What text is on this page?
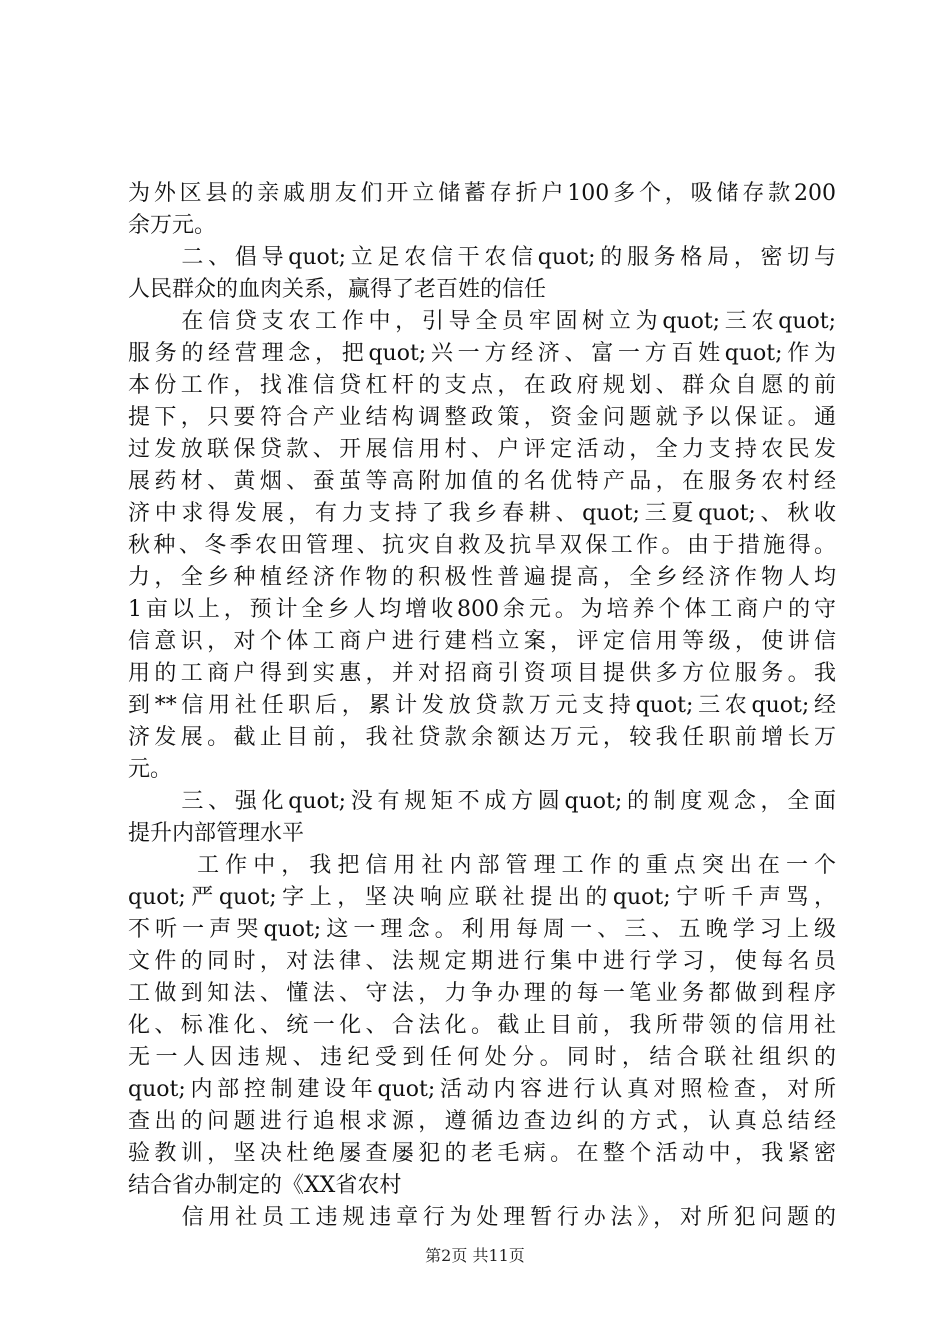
为外区县的亲戚朋友们开立储蓄存折户100多个，吸储存款200
余万元。
　　二、倡导quot;立足农信干农信quot;的服务格局，密切与
人民群众的血肉关系，赢得了老百姓的信任
　　在信贷支农工作中，引导全员牢固树立为quot;三农quot;
服务的经营理念，把quot;兴一方经济、富一方百姓quot;作为
本份工作，找准信贷杠杆的支点，在政府规划、群众自愿的前
提下，只要符合产业结构调整政策，资金问题就予以保证。通
过发放联保贷款、开展信用村、户评定活动，全力支持农民发
展药材、黄烟、蚕茧等高附加值的名优特产品，在服务农村经
济中求得发展，有力支持了我乡春耕、quot;三夏quot;、秋收
秋种、冬季农田管理、抗灾自救及抗旱双保工作。由于措施得。
力，全乡种植经济作物的积极性普遍提高，全乡经济作物人均
1亩以上，预计全乡人均增收800余元。为培养个体工商户的守
信意识，对个体工商户进行建档立案，评定信用等级，使讲信
用的工商户得到实惠，并对招商引资项目提供多方位服务。我
到**信用社任职后，累计发放贷款万元支持quot;三农quot;经
济发展。截止目前，我社贷款余额达万元，较我任职前增长万
元。
　　三、强化quot;没有规矩不成方圆quot;的制度观念，全面
提升内部管理水平
　　 工作中，我把信用社内部管理工作的重点突出在一个
quot;严quot;字上，坚决响应联社提出的quot;宁听千声骂，
不听一声哭quot;这一理念。利用每周一、三、五晚学习上级
文件的同时，对法律、法规定期进行集中进行学习，使每名员
工做到知法、懂法、守法，力争办理的每一笔业务都做到程序
化、标准化、统一化、合法化。截止目前，我所带领的信用社
无一人因违规、违纪受到任何处分。同时，结合联社组织的
quot;内部控制建设年quot;活动内容进行认真对照检查，对所
查出的问题进行追根求源，遵循边查边纠的方式，认真总结经
验教训，坚决杜绝屡查屡犯的老毛病。在整个活动中，我紧密
结合省办制定的《XX省农村
　　信用社员工违规违章行为处理暂行办法》，对所犯问题的
第2页 共11页
